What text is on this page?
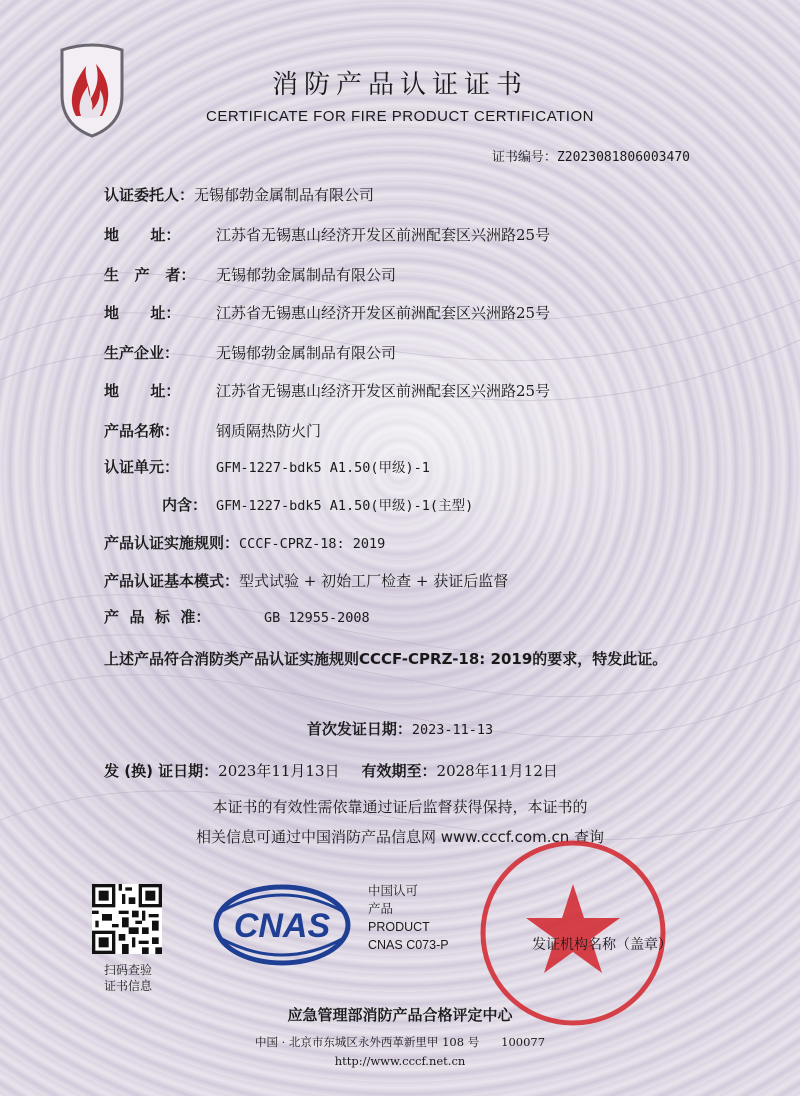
消防产品认证证书
CERTIFICATE FOR FIRE PRODUCT CERTIFICATION
证书编号：Z2023081806003470
认证委托人： 无锡郁勃金属制品有限公司
地      址：	江苏省无锡惠山经济开发区前洲配套区兴洲路25号
生   产   者：	无锡郁勃金属制品有限公司
地      址：	江苏省无锡惠山经济开发区前洲配套区兴洲路25号
生产企业：	无锡郁勃金属制品有限公司
地      址：	江苏省无锡惠山经济开发区前洲配套区兴洲路25号
产品名称：	钢质隔热防火门
认证单元：	GFM-1227-bdk5 A1.50(甲级)-1
内含： GFM-1227-bdk5 A1.50(甲级)-1(主型)
产品认证实施规则： CCCF-CPRZ-18: 2019
产品认证基本模式： 型式试验 + 初始工厂检查 + 获证后监督
产  品  标  准：	GB 12955-2008
上述产品符合消防类产品认证实施规则CCCF-CPRZ-18: 2019的要求，特发此证。
首次发证日期：2023-11-13
发 (换) 证日期： 2023年11月13日 有效期至： 2028年11月12日
本证书的有效性需依靠通过证后监督获得保持，本证书的
相关信息可通过中国消防产品信息网 www.cccf.com.cn 查询
扫码查验
证书信息
CNAS
中国认可
产品
PRODUCT
CNAS C073-P	发证机构名称（盖章）
应急管理部消防产品合格评定中心
中国 · 北京市东城区永外西革新里甲 108 号      100077
http://www.cccf.net.cn
